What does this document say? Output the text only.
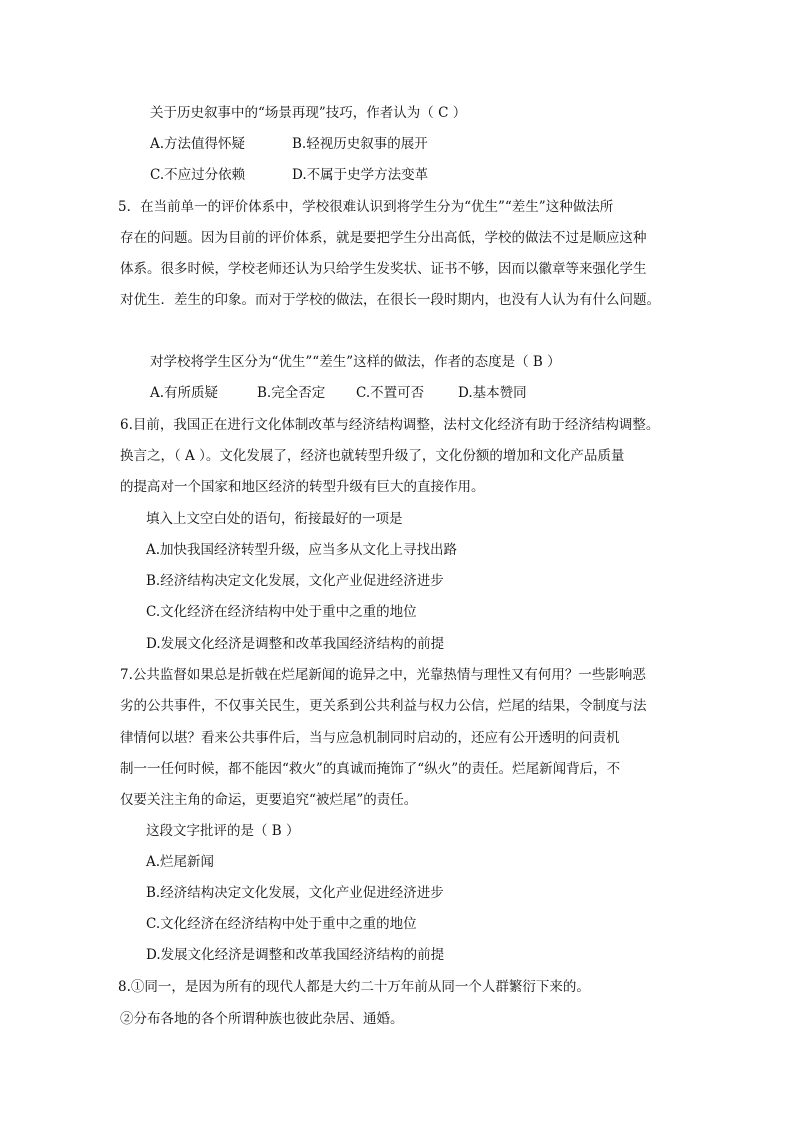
关于历史叙事中的“场景再现”技巧，作者认为（ C ）
A.方法值得怀疑	B.轻视历史叙事的展开
C.不应过分依赖	D.不属于史学方法变革
5．在当前单一的评价体系中，学校很难认识到将学生分为“优生”“差生”这种做法所
存在的问题。因为目前的评价体系，就是要把学生分出高低，学校的做法不过是顺应这种
体系。很多时候，学校老师还认为只给学生发奖状、证书不够，因而以徽章等来强化学生
对优生．差生的印象。而对于学校的做法，在很长一段时期内，也没有人认为有什么问题。
对学校将学生区分为“优生”“差生”这样的做法，作者的态度是（ B ）
A.有所质疑	B.完全否定 C.不置可否	D.基本赞同
6.目前，我国正在进行文化体制改革与经济结构调整，法村文化经济有助于经济结构调整。
换言之，（ A ）。文化发展了，经济也就转型升级了，文化份额的增加和文化产品质量
的提高对一个国家和地区经济的转型升级有巨大的直接作用。
填入上文空白处的语句，衔接最好的一项是
A.加快我国经济转型升级，应当多从文化上寻找出路
B.经济结构决定文化发展，文化产业促进经济进步
C.文化经济在经济结构中处于重中之重的地位
D.发展文化经济是调整和改革我国经济结构的前提
7.公共监督如果总是折戟在烂尾新闻的诡异之中，光靠热情与理性又有何用？一些影响恶
劣的公共事件，不仅事关民生，更关系到公共利益与权力公信，烂尾的结果，令制度与法
律情何以堪？看来公共事件后，当与应急机制同时启动的，还应有公开透明的问责机
制一一任何时候，都不能因“救火”的真诚而掩饰了“纵火”的责任。烂尾新闻背后，不
仅要关注主角的命运，更要追究“被烂尾”的责任。
这段文字批评的是（ B ）
A.烂尾新闻
B.经济结构决定文化发展，文化产业促进经济进步
C.文化经济在经济结构中处于重中之重的地位
D.发展文化经济是调整和改革我国经济结构的前提
8.①同一，是因为所有的现代人都是大约二十万年前从同一个人群繁衍下来的。
②分布各地的各个所谓种族也彼此杂居、通婚。
